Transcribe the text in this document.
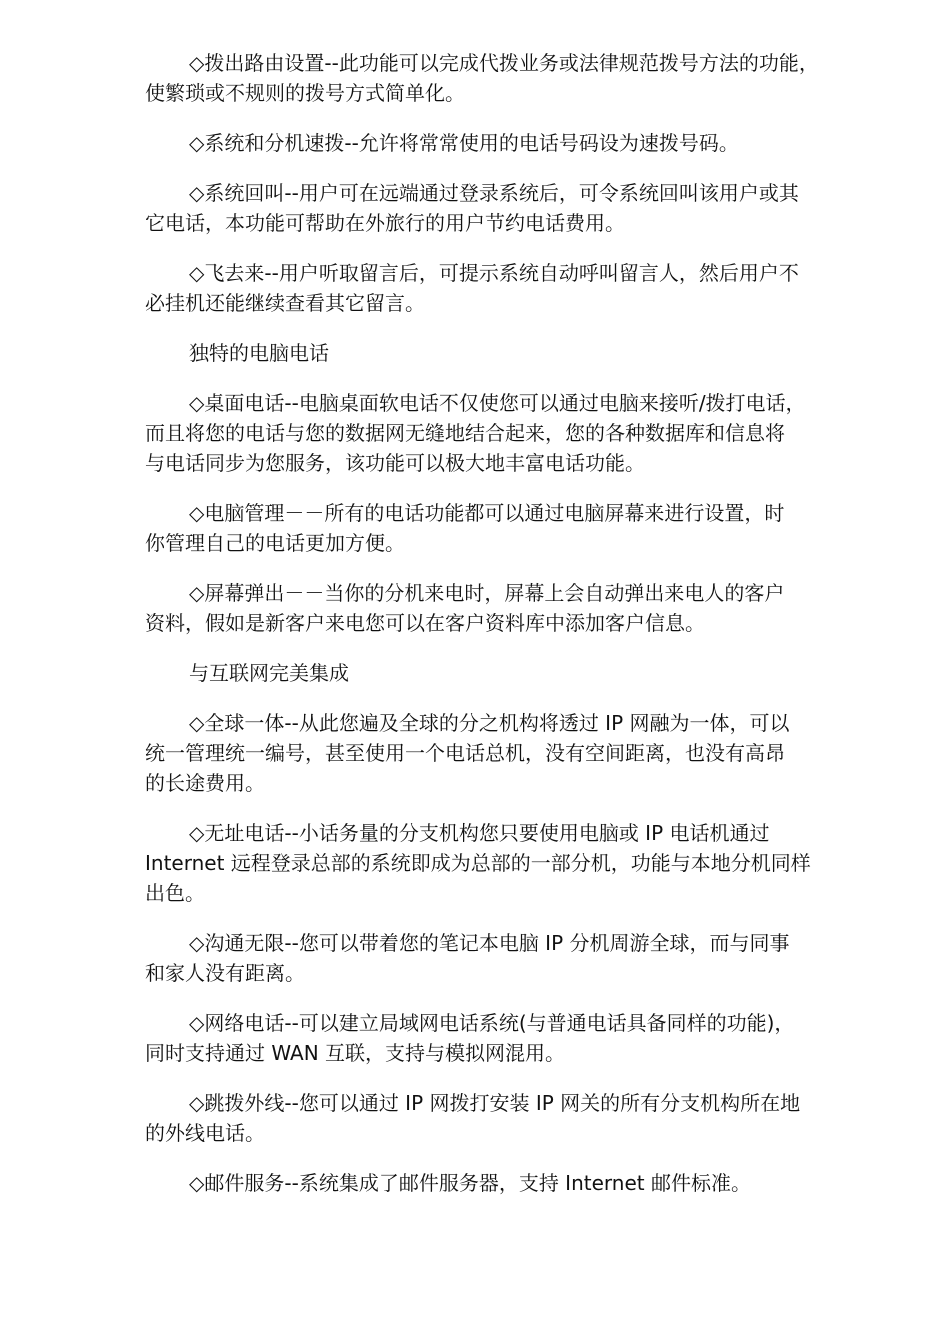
◇拨出路由设置--此功能可以完成代拨业务或法律规范拨号方法的功能，
使繁琐或不规则的拨号方式简单化。

◇系统和分机速拨--允许将常常使用的电话号码设为速拨号码。

◇系统回叫--用户可在远端通过登录系统后，可令系统回叫该用户或其
它电话，本功能可帮助在外旅行的用户节约电话费用。

◇飞去来--用户听取留言后，可提示系统自动呼叫留言人，然后用户不
必挂机还能继续查看其它留言。

独特的电脑电话

◇桌面电话--电脑桌面软电话不仅使您可以通过电脑来接听/拨打电话，
而且将您的电话与您的数据网无缝地结合起来，您的各种数据库和信息将
与电话同步为您服务，该功能可以极大地丰富电话功能。

◇电脑管理－－所有的电话功能都可以通过电脑屏幕来进行设置，时
你管理自己的电话更加方便。

◇屏幕弹出－－当你的分机来电时，屏幕上会自动弹出来电人的客户
资料，假如是新客户来电您可以在客户资料库中添加客户信息。

与互联网完美集成

◇全球一体--从此您遍及全球的分之机构将透过 IP 网融为一体，可以
统一管理统一编号，甚至使用一个电话总机，没有空间距离，也没有高昂
的长途费用。

◇无址电话--小话务量的分支机构您只要使用电脑或 IP 电话机通过
Internet 远程登录总部的系统即成为总部的一部分机，功能与本地分机同样
出色。

◇沟通无限--您可以带着您的笔记本电脑 IP 分机周游全球，而与同事
和家人没有距离。

◇网络电话--可以建立局域网电话系统(与普通电话具备同样的功能)，
同时支持通过 WAN 互联，支持与模拟网混用。

◇跳拨外线--您可以通过 IP 网拨打安装 IP 网关的所有分支机构所在地
的外线电话。

◇邮件服务--系统集成了邮件服务器，支持 Internet 邮件标准。
